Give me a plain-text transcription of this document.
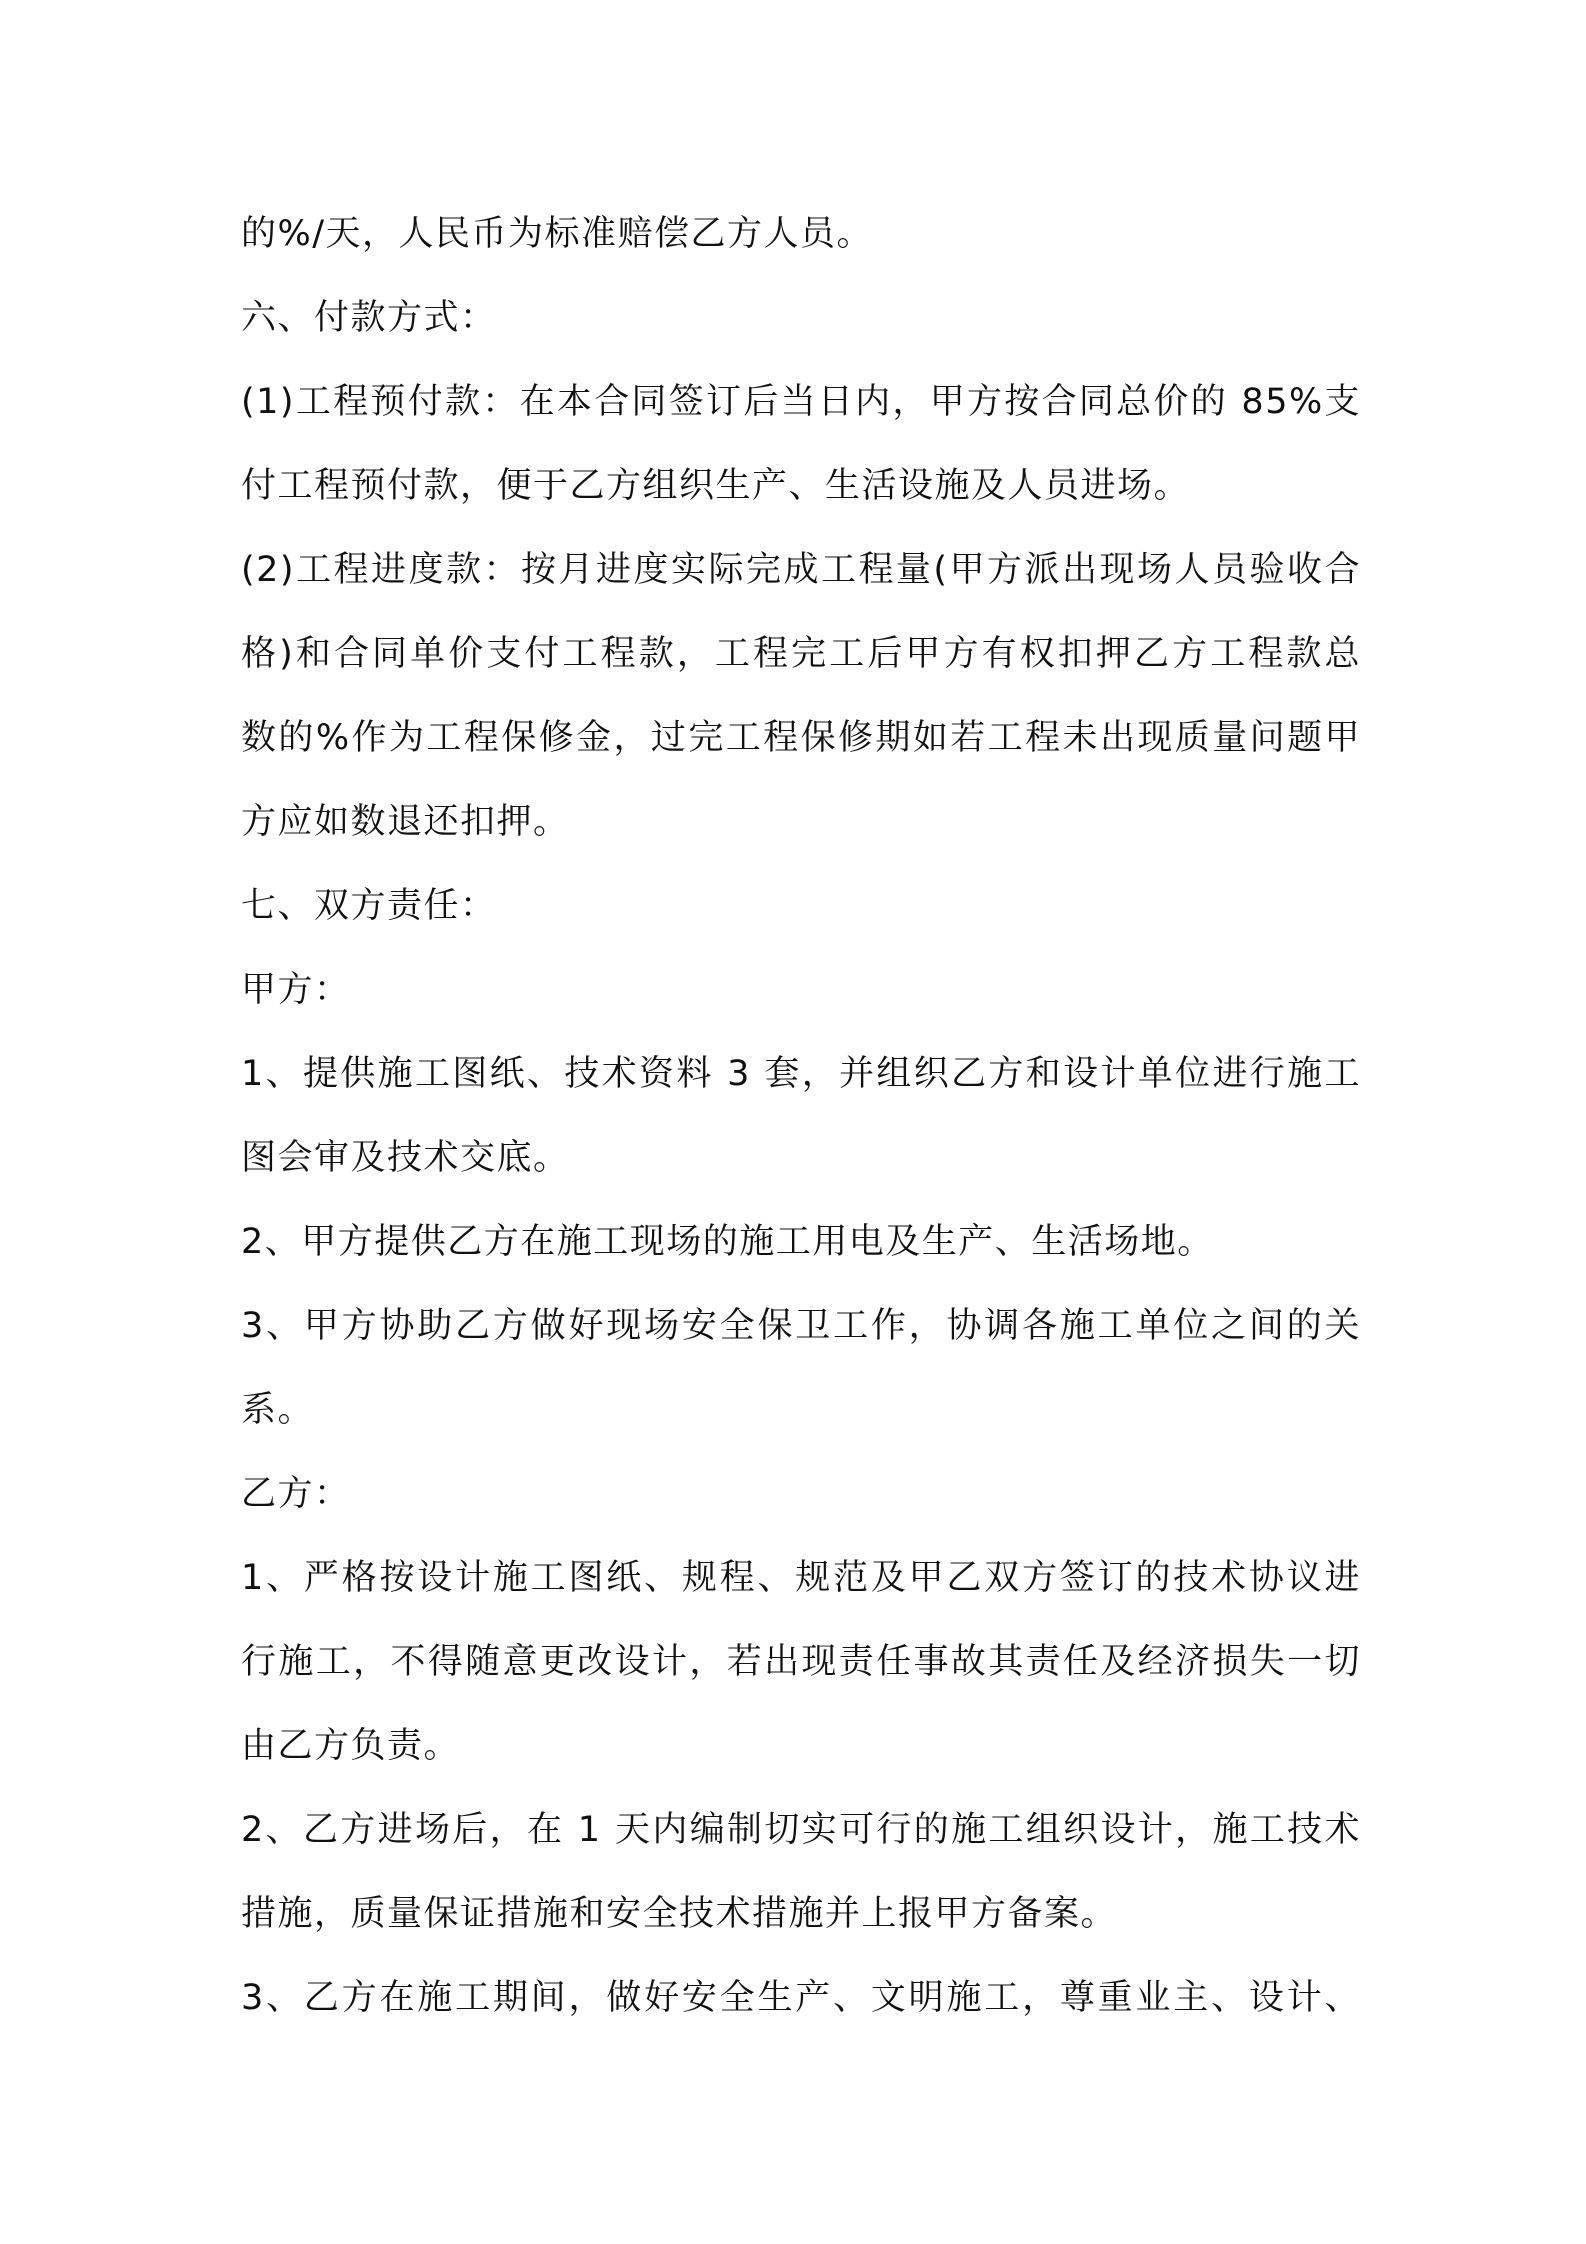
的%/天，人民币为标准赔偿乙方人员。
六、付款方式：
(1)工程预付款：在本合同签订后当日内，甲方按合同总价的 85%支
付工程预付款，便于乙方组织生产、生活设施及人员进场。
(2)工程进度款：按月进度实际完成工程量(甲方派出现场人员验收合
格)和合同单价支付工程款，工程完工后甲方有权扣押乙方工程款总
数的%作为工程保修金，过完工程保修期如若工程未出现质量问题甲
方应如数退还扣押。
七、双方责任：
甲方：
1、提供施工图纸、技术资料 3 套，并组织乙方和设计单位进行施工
图会审及技术交底。
2、甲方提供乙方在施工现场的施工用电及生产、生活场地。
3、甲方协助乙方做好现场安全保卫工作，协调各施工单位之间的关
系。
乙方：
1、严格按设计施工图纸、规程、规范及甲乙双方签订的技术协议进
行施工，不得随意更改设计，若出现责任事故其责任及经济损失一切
由乙方负责。
2、乙方进场后，在 1 天内编制切实可行的施工组织设计，施工技术
措施，质量保证措施和安全技术措施并上报甲方备案。
3、乙方在施工期间，做好安全生产、文明施工，尊重业主、设计、
